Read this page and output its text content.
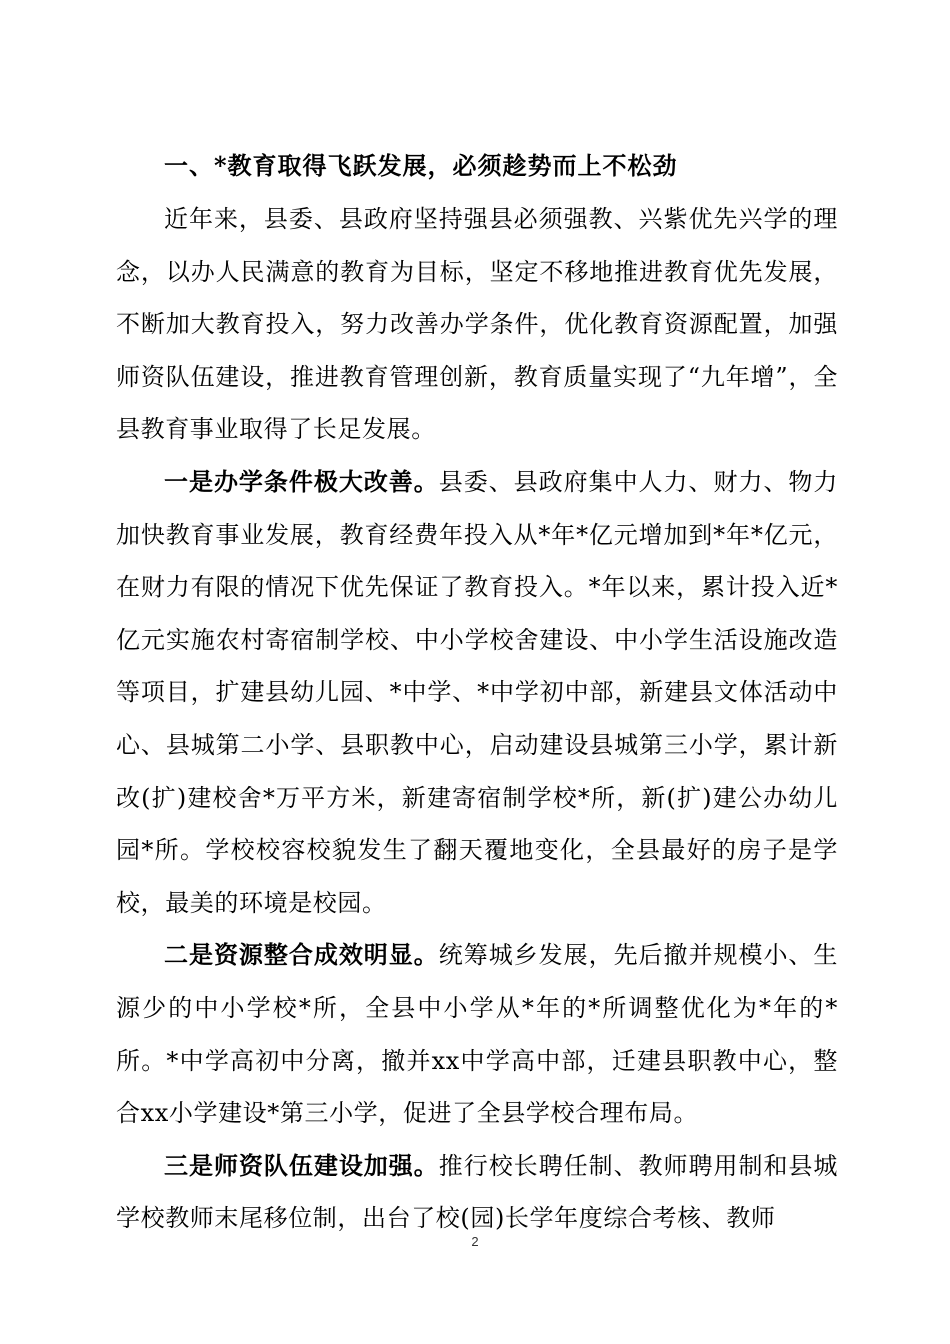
一、*教育取得飞跃发展，必须趁势而上不松劲

近年来，县委、县政府坚持强县必须强教、兴紫优先兴学的理念，以办人民满意的教育为目标，坚定不移地推进教育优先发展，不断加大教育投入，努力改善办学条件，优化教育资源配置，加强师资队伍建设，推进教育管理创新，教育质量实现了“九年增”，全县教育事业取得了长足发展。

一是办学条件极大改善。县委、县政府集中人力、财力、物力加快教育事业发展，教育经费年投入从*年*亿元增加到*年*亿元，在财力有限的情况下优先保证了教育投入。*年以来，累计投入近*亿元实施农村寄宿制学校、中小学校舍建设、中小学生活设施改造等项目，扩建县幼儿园、*中学、*中学初中部，新建县文体活动中心、县城第二小学、县职教中心，启动建设县城第三小学，累计新改(扩)建校舍*万平方米，新建寄宿制学校*所，新(扩)建公办幼儿园*所。学校校容校貌发生了翻天覆地变化，全县最好的房子是学校，最美的环境是校园。

二是资源整合成效明显。统筹城乡发展，先后撤并规模小、生源少的中小学校*所，全县中小学从*年的*所调整优化为*年的*所。*中学高初中分离，撤并xx中学高中部，迁建县职教中心，整合xx小学建设*第三小学，促进了全县学校合理布局。

三是师资队伍建设加强。推行校长聘任制、教师聘用制和县城学校教师末尾移位制，出台了校(园)长学年度综合考核、教师

2
